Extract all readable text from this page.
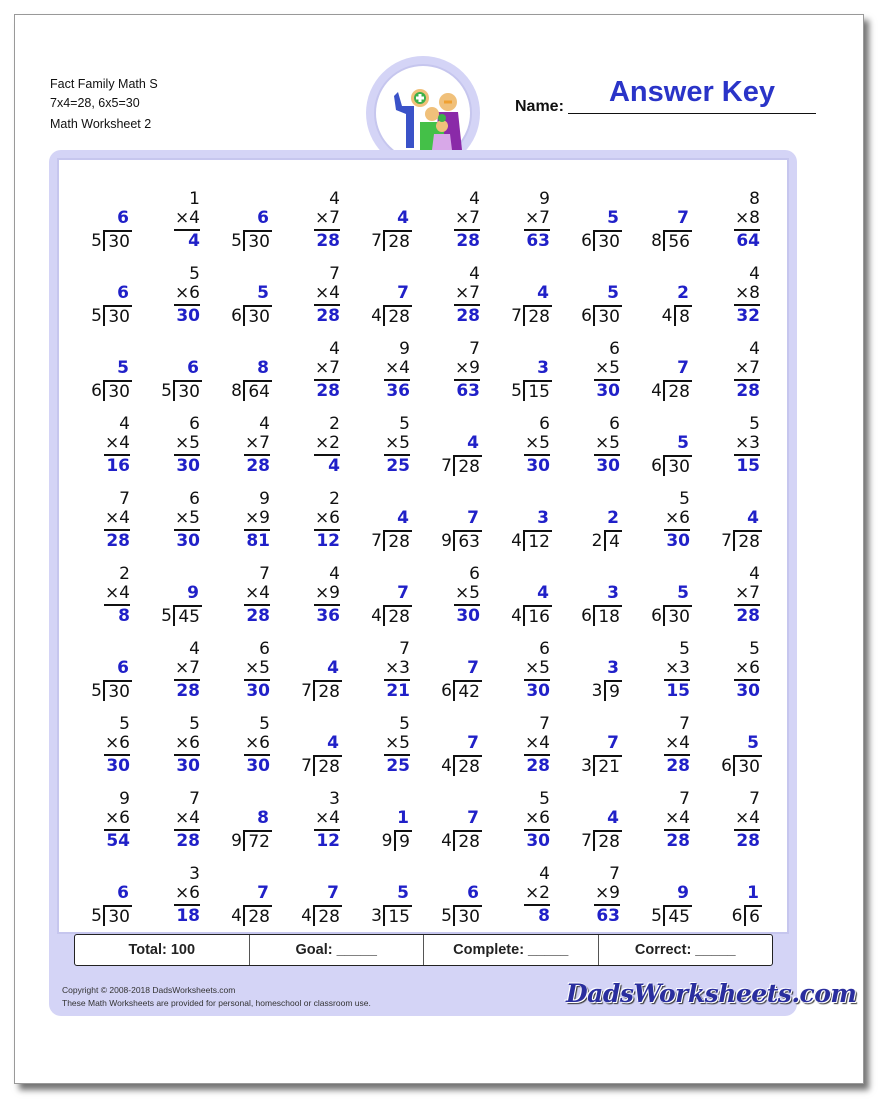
Fact Family Math S
7x4=28, 6x5=30
Math Worksheet 2
Answer Key
Name:
6
30
5
1
×4
4
6
30
5
4
×7
28
4
28
7
4
×7
28
9
×7
63
5
30
6
7
56
8
8
×8
64
6
30
5
5
×6
30
5
30
6
7
×4
28
7
28
4
4
×7
28
4
28
7
5
30
6
2
8
4
4
×8
32
5
30
6
6
30
5
8
64
8
4
×7
28
9
×4
36
7
×9
63
3
15
5
6
×5
30
7
28
4
4
×7
28
4
×4
16
6
×5
30
4
×7
28
2
×2
4
5
×5
25
4
28
7
6
×5
30
6
×5
30
5
30
6
5
×3
15
7
×4
28
6
×5
30
9
×9
81
2
×6
12
4
28
7
7
63
9
3
12
4
2
4
2
5
×6
30
4
28
7
2
×4
8
9
45
5
7
×4
28
4
×9
36
7
28
4
6
×5
30
4
16
4
3
18
6
5
30
6
4
×7
28
6
30
5
4
×7
28
6
×5
30
4
28
7
7
×3
21
7
42
6
6
×5
30
3
9
3
5
×3
15
5
×6
30
5
×6
30
5
×6
30
5
×6
30
4
28
7
5
×5
25
7
28
4
7
×4
28
7
21
3
7
×4
28
5
30
6
9
×6
54
7
×4
28
8
72
9
3
×4
12
1
9
9
7
28
4
5
×6
30
4
28
7
7
×4
28
7
×4
28
6
30
5
3
×6
18
7
28
4
7
28
4
5
15
3
6
30
5
4
×2
8
7
×9
63
9
45
5
1
6
6
Total: 100	Goal: _____	Complete: _____	Correct: _____
Copyright © 2008-2018 DadsWorksheets.com
These Math Worksheets are provided for personal, homeschool or classroom use.	DadsWorksheets.com
